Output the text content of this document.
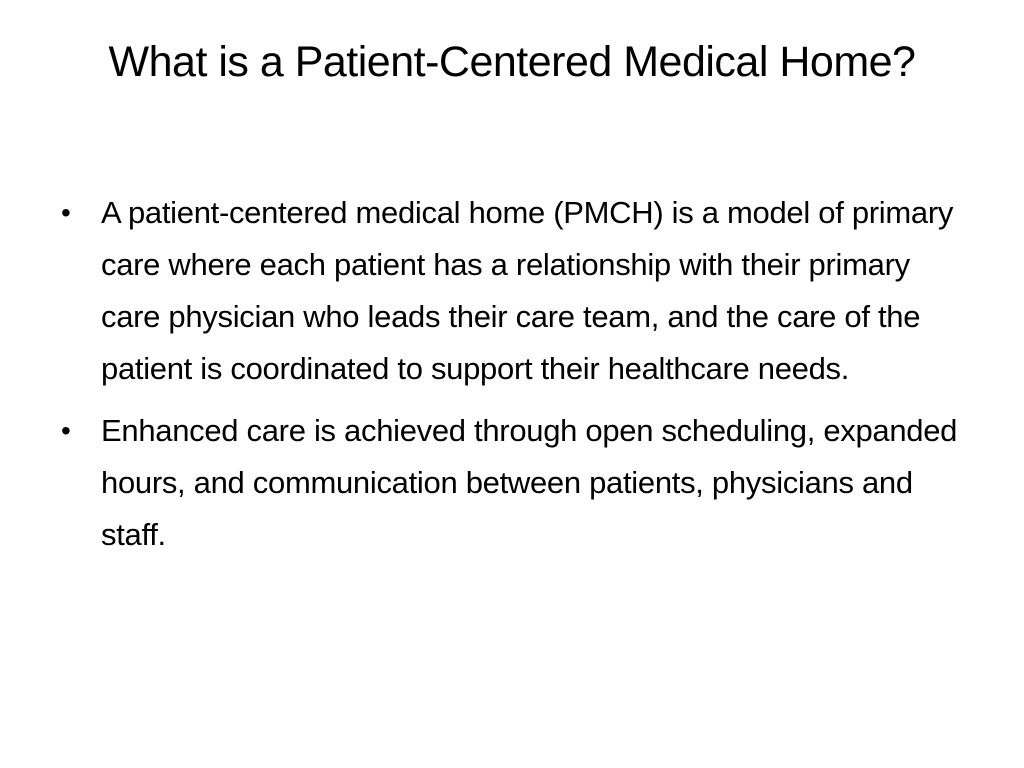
What is a Patient-Centered Medical Home?
• A patient-centered medical home (PMCH) is a model of primary care where each patient has a relationship with their primary care physician who leads their care team, and the care of the patient is coordinated to support their healthcare needs.
• Enhanced care is achieved through open scheduling, expanded hours, and communication between patients, physicians and staff.
